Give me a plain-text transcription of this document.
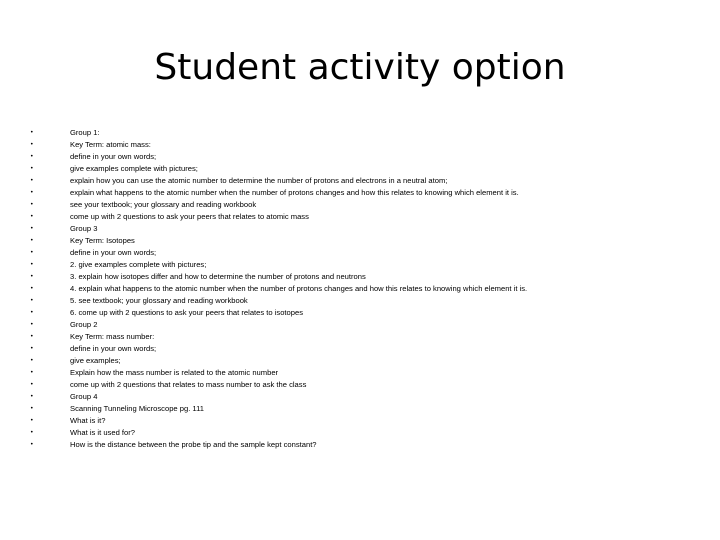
Student activity option
•	Group 1:
•	Key Term: atomic mass:
•	define in your own words;
•	give examples complete with pictures;
•	explain how you can use the atomic number to determine the number of protons and electrons in a neutral atom;
•	explain what happens to the atomic number when the number of protons changes and how this relates to knowing which element it is.
•	see your textbook; your glossary and reading workbook
•	come up with 2 questions to ask your peers that relates to atomic mass
•	Group 3
•	Key Term: Isotopes
•	define in your own words;
•	2. give examples complete with pictures;
•	3. explain how isotopes differ and how to determine the number of protons and neutrons
•	4. explain what happens to the atomic number when the number of protons changes and how this relates to knowing which element it is.
•	5. see textbook; your glossary and reading workbook
•	6. come up with 2 questions to ask your peers that relates to isotopes
•	Group 2
•	Key Term: mass number:
•	define in your own words;
•	give examples;
•	Explain how the mass number is related to the atomic number
•	come up with 2 questions that relates to mass number to ask the class
•	Group 4
•	Scanning Tunneling Microscope pg. 111
•	What is it?
•	What is it used for?
•	How is the distance between the probe tip and the sample kept constant?
